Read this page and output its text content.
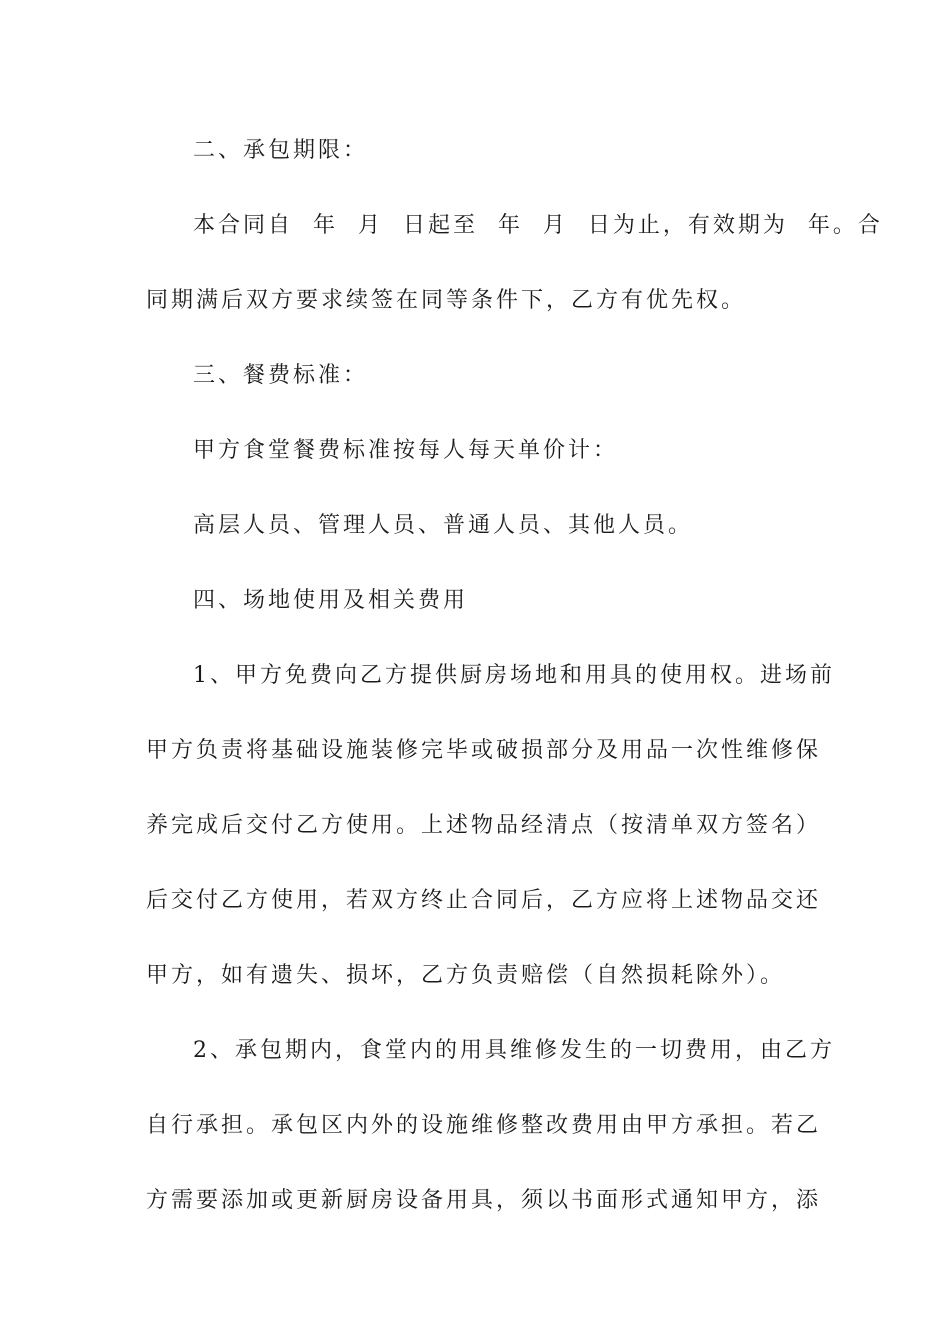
二、承包期限：
本合同自  年  月  日起至  年  月  日为止，有效期为  年。合
同期满后双方要求续签在同等条件下，乙方有优先权。
三、餐费标准：
甲方食堂餐费标准按每人每天单价计：
高层人员、管理人员、普通人员、其他人员。
四、场地使用及相关费用
1、甲方免费向乙方提供厨房场地和用具的使用权。进场前
甲方负责将基础设施装修完毕或破损部分及用品一次性维修保
养完成后交付乙方使用。上述物品经清点（按清单双方签名）
后交付乙方使用，若双方终止合同后，乙方应将上述物品交还
甲方，如有遗失、损坏，乙方负责赔偿（自然损耗除外）。
2、承包期内，食堂内的用具维修发生的一切费用，由乙方
自行承担。承包区内外的设施维修整改费用由甲方承担。若乙
方需要添加或更新厨房设备用具，须以书面形式通知甲方，添
